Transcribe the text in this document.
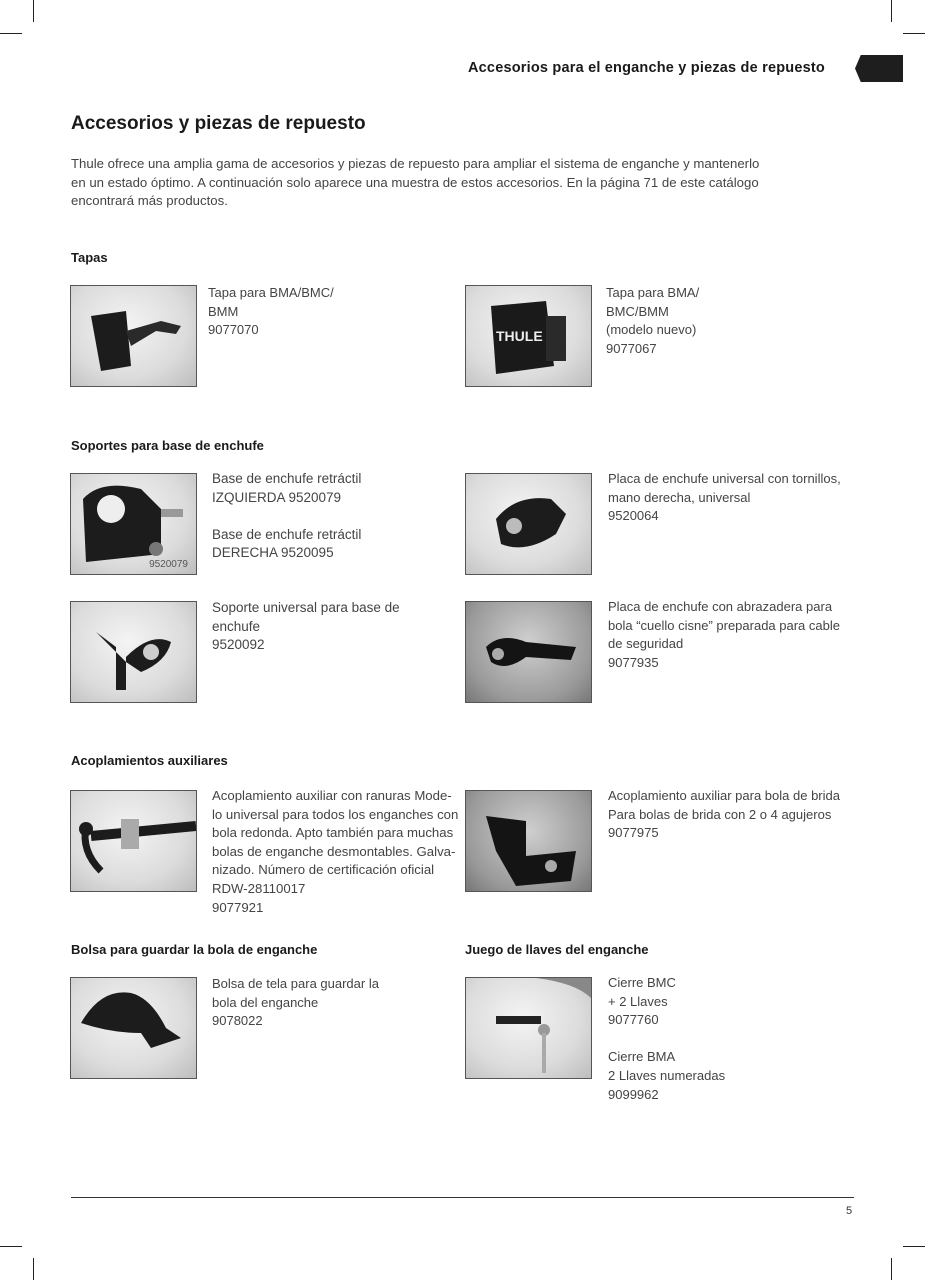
Accesorios para el enganche y piezas de repuesto
Accesorios y piezas de repuesto
Thule ofrece una amplia gama de accesorios y piezas de repuesto para ampliar el sistema de enganche y mantenerlo
en un estado óptimo. A continuación solo aparece una muestra de estos accesorios. En la página 71 de este catálogo
encontrará más productos.
Tapas
Tapa para BMA/BMC/
BMM
9077070	THULE
Tapa para BMA/
BMC/BMM
(modelo nuevo)
9077067
Soportes para base de enchufe
9520079
Base de enchufe retráctil
IZQUIERDA 9520079
Base de enchufe retráctil
DERECHA 9520095
Placa de enchufe universal con tornillos,
mano derecha, universal
9520064
Soporte universal para base de
enchufe
9520092
Placa de enchufe con abrazadera para
bola “cuello cisne” preparada para cable
de seguridad
9077935
Acoplamientos auxiliares
Acoplamiento auxiliar con ranuras Mode-
lo universal para todos los enganches con
bola redonda. Apto también para muchas
bolas de enganche desmontables. Galva-
nizado. Número de certificación oficial
RDW-28110017
9077921
Acoplamiento auxiliar para bola de brida
Para bolas de brida con 2 o 4 agujeros
9077975
Bolsa para guardar la bola de enganche
Bolsa de tela para guardar la
bola del enganche
9078022
Juego de llaves del enganche
Cierre BMC
+ 2 Llaves
9077760
Cierre BMA
2 Llaves numeradas
9099962
5
